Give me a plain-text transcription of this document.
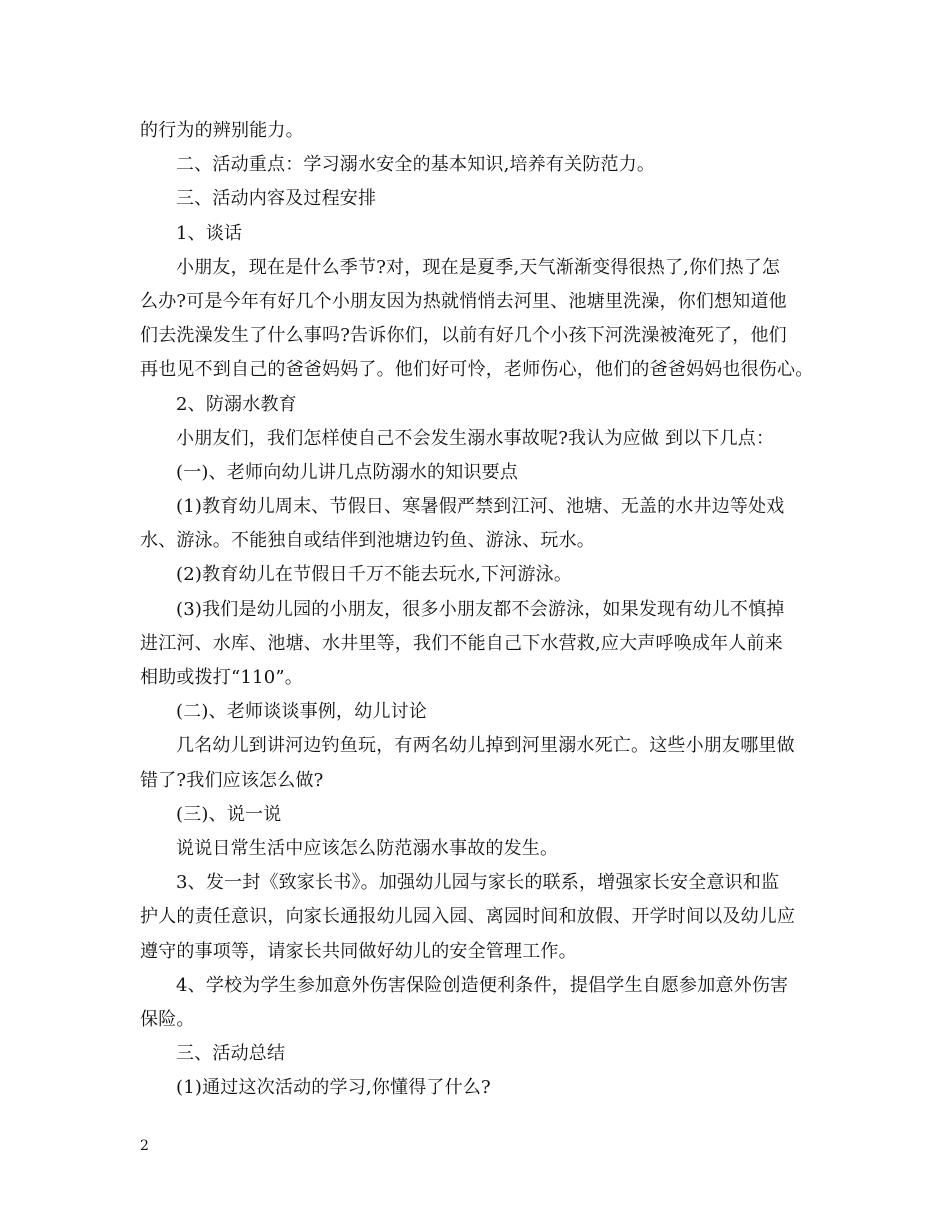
的行为的辨别能力。
二、活动重点：学习溺水安全的基本知识,培养有关防范力。
三、活动内容及过程安排
1、谈话
小朋友，现在是什么季节?对，现在是夏季,天气渐渐变得很热了,你们热了怎
么办?可是今年有好几个小朋友因为热就悄悄去河里、池塘里洗澡，你们想知道他
们去洗澡发生了什么事吗?告诉你们，以前有好几个小孩下河洗澡被淹死了，他们
再也见不到自己的爸爸妈妈了。他们好可怜，老师伤心，他们的爸爸妈妈也很伤心。
2、防溺水教育
小朋友们，我们怎样使自己不会发生溺水事故呢?我认为应做 到以下几点：
(一)、老师向幼儿讲几点防溺水的知识要点
(1)教育幼儿周末、节假日、寒暑假严禁到江河、池塘、无盖的水井边等处戏
水、游泳。不能独自或结伴到池塘边钓鱼、游泳、玩水。
(2)教育幼儿在节假日千万不能去玩水,下河游泳。
(3)我们是幼儿园的小朋友，很多小朋友都不会游泳，如果发现有幼儿不慎掉
进江河、水库、池塘、水井里等，我们不能自己下水营救,应大声呼唤成年人前来
相助或拨打“110”。
(二)、老师谈谈事例，幼儿讨论
几名幼儿到讲河边钓鱼玩，有两名幼儿掉到河里溺水死亡。这些小朋友哪里做
错了?我们应该怎么做?
(三)、说一说
说说日常生活中应该怎么防范溺水事故的发生。
3、发一封《致家长书》。加强幼儿园与家长的联系，增强家长安全意识和监
护人的责任意识，向家长通报幼儿园入园、离园时间和放假、开学时间以及幼儿应
遵守的事项等，请家长共同做好幼儿的安全管理工作。
4、学校为学生参加意外伤害保险创造便利条件，提倡学生自愿参加意外伤害
保险。
三、活动总结
(1)通过这次活动的学习,你懂得了什么?
2
